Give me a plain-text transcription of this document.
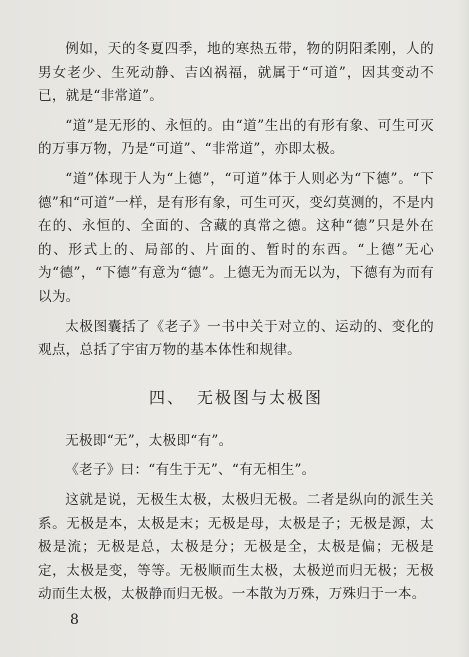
例如，天的冬夏四季，地的寒热五带，物的阴阳柔刚，人的男女老少、生死动静、吉凶祸福，就属于“可道”，因其变动不已，就是“非常道”。

“道”是无形的、永恒的。由“道”生出的有形有象、可生可灭的万事万物，乃是“可道”、“非常道”，亦即太极。

“道”体现于人为“上德”，“可道”体于人则必为“下德”。“下德”和“可道”一样，是有形有象，可生可灭，变幻莫测的，不是内在的、永恒的、全面的、含藏的真常之德。这种“德”只是外在的、形式上的、局部的、片面的、暂时的东西。“上德”无心为“德”，“下德”有意为“德”。上德无为而无以为，下德有为而有以为。

太极图囊括了《老子》一书中关于对立的、运动的、变化的观点，总括了宇宙万物的基本体性和规律。

四、 无极图与太极图

无极即“无”，太极即“有”。

《老子》曰：“有生于无”、“有无相生”。

这就是说，无极生太极，太极归无极。二者是纵向的派生关系。无极是本，太极是末；无极是母，太极是子；无极是源，太极是流；无极是总，太极是分；无极是全，太极是偏；无极是定，太极是变，等等。无极顺而生太极，太极逆而归无极；无极动而生太极，太极静而归无极。一本散为万殊，万殊归于一本。

8
